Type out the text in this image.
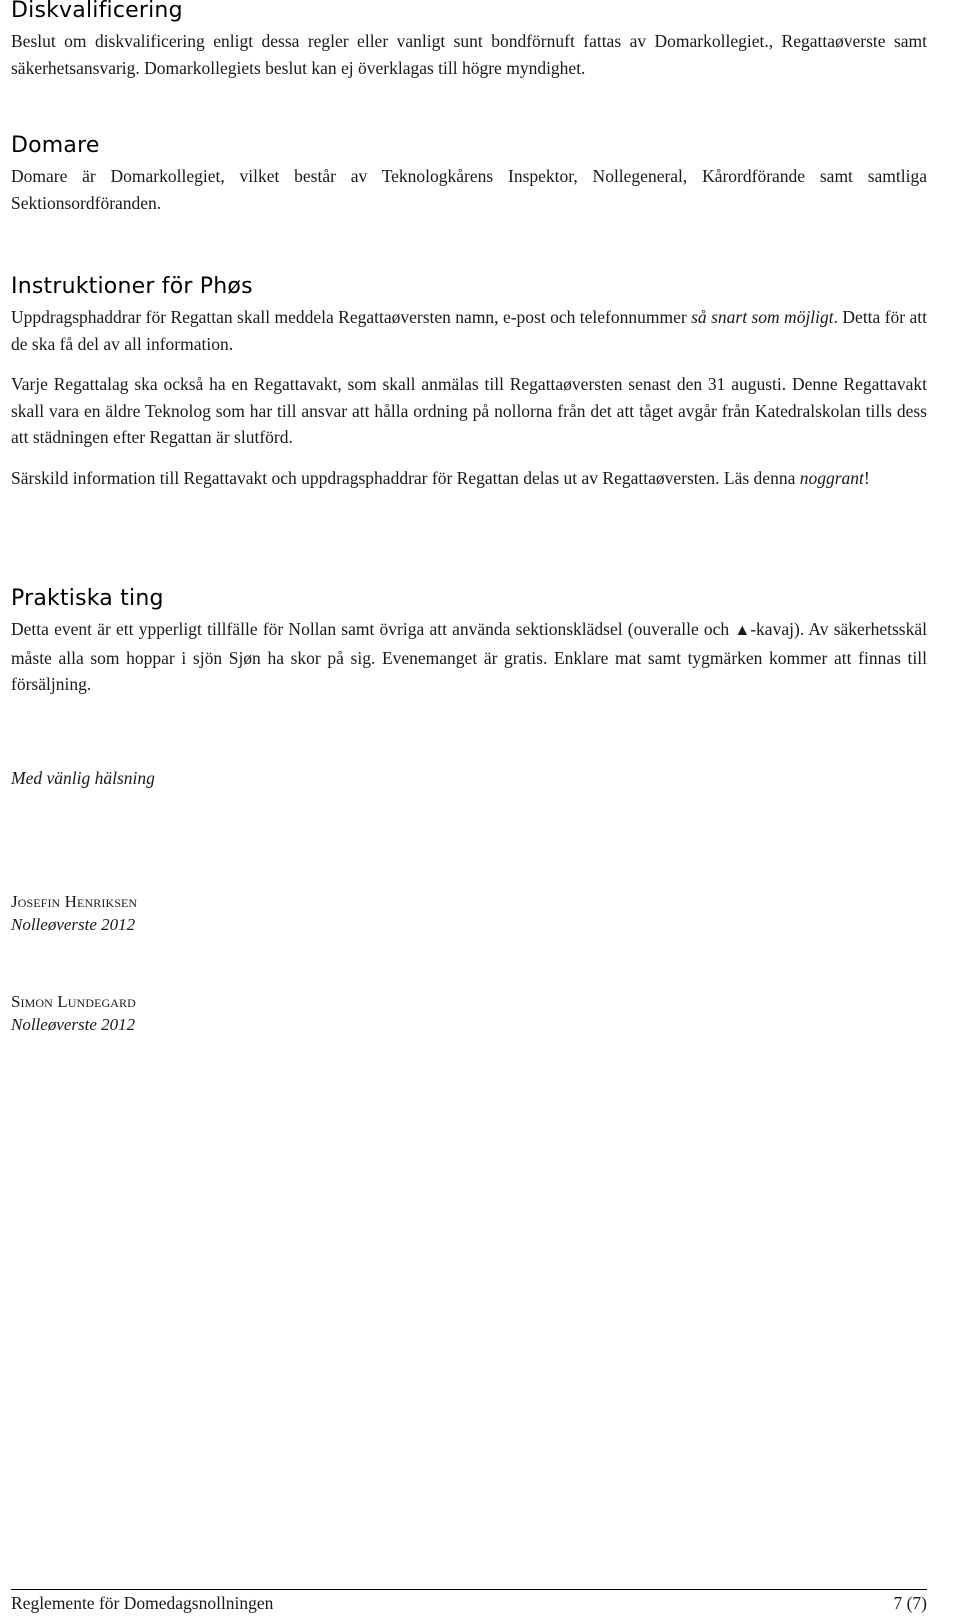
Diskvalificering

Beslut om diskvalificering enligt dessa regler eller vanligt sunt bondförnuft fattas av Domarkollegiet., Regattaøverste samt säkerhetsansvarig. Domarkollegiets beslut kan ej överklagas till högre myndighet.

Domare

Domare är Domarkollegiet, vilket består av Teknologkårens Inspektor, Nollegeneral, Kårordförande samt samtliga Sektionsordföranden.

Instruktioner för Phøs

Uppdragsphaddrar för Regattan skall meddela Regattaøversten namn, e-post och telefonnummer så snart som möjligt. Detta för att de ska få del av all information.

Varje Regattalag ska också ha en Regattavakt, som skall anmälas till Regattaøversten senast den 31 augusti. Denne Regattavakt skall vara en äldre Teknolog som har till ansvar att hålla ordning på nollorna från det att tåget avgår från Katedralskolan tills dess att städningen efter Regattan är slutförd.

Särskild information till Regattavakt och uppdragsphaddrar för Regattan delas ut av Regattaøversten. Läs denna noggrant!

Praktiska ting

Detta event är ett ypperligt tillfälle för Nollan samt övriga att använda sektionsklädsel (ouveralle och ▲-kavaj). Av säkerhetsskäl måste alla som hoppar i sjön Sjøn ha skor på sig. Evenemanget är gratis. Enklare mat samt tygmärken kommer att finnas till försäljning.

Med vänlig hälsning
Josefin Henriksen
Nolleøverste 2012
Simon Lundegard
Nolleøverste 2012
Reglemente för Domedagsnollningen	7 (7)
